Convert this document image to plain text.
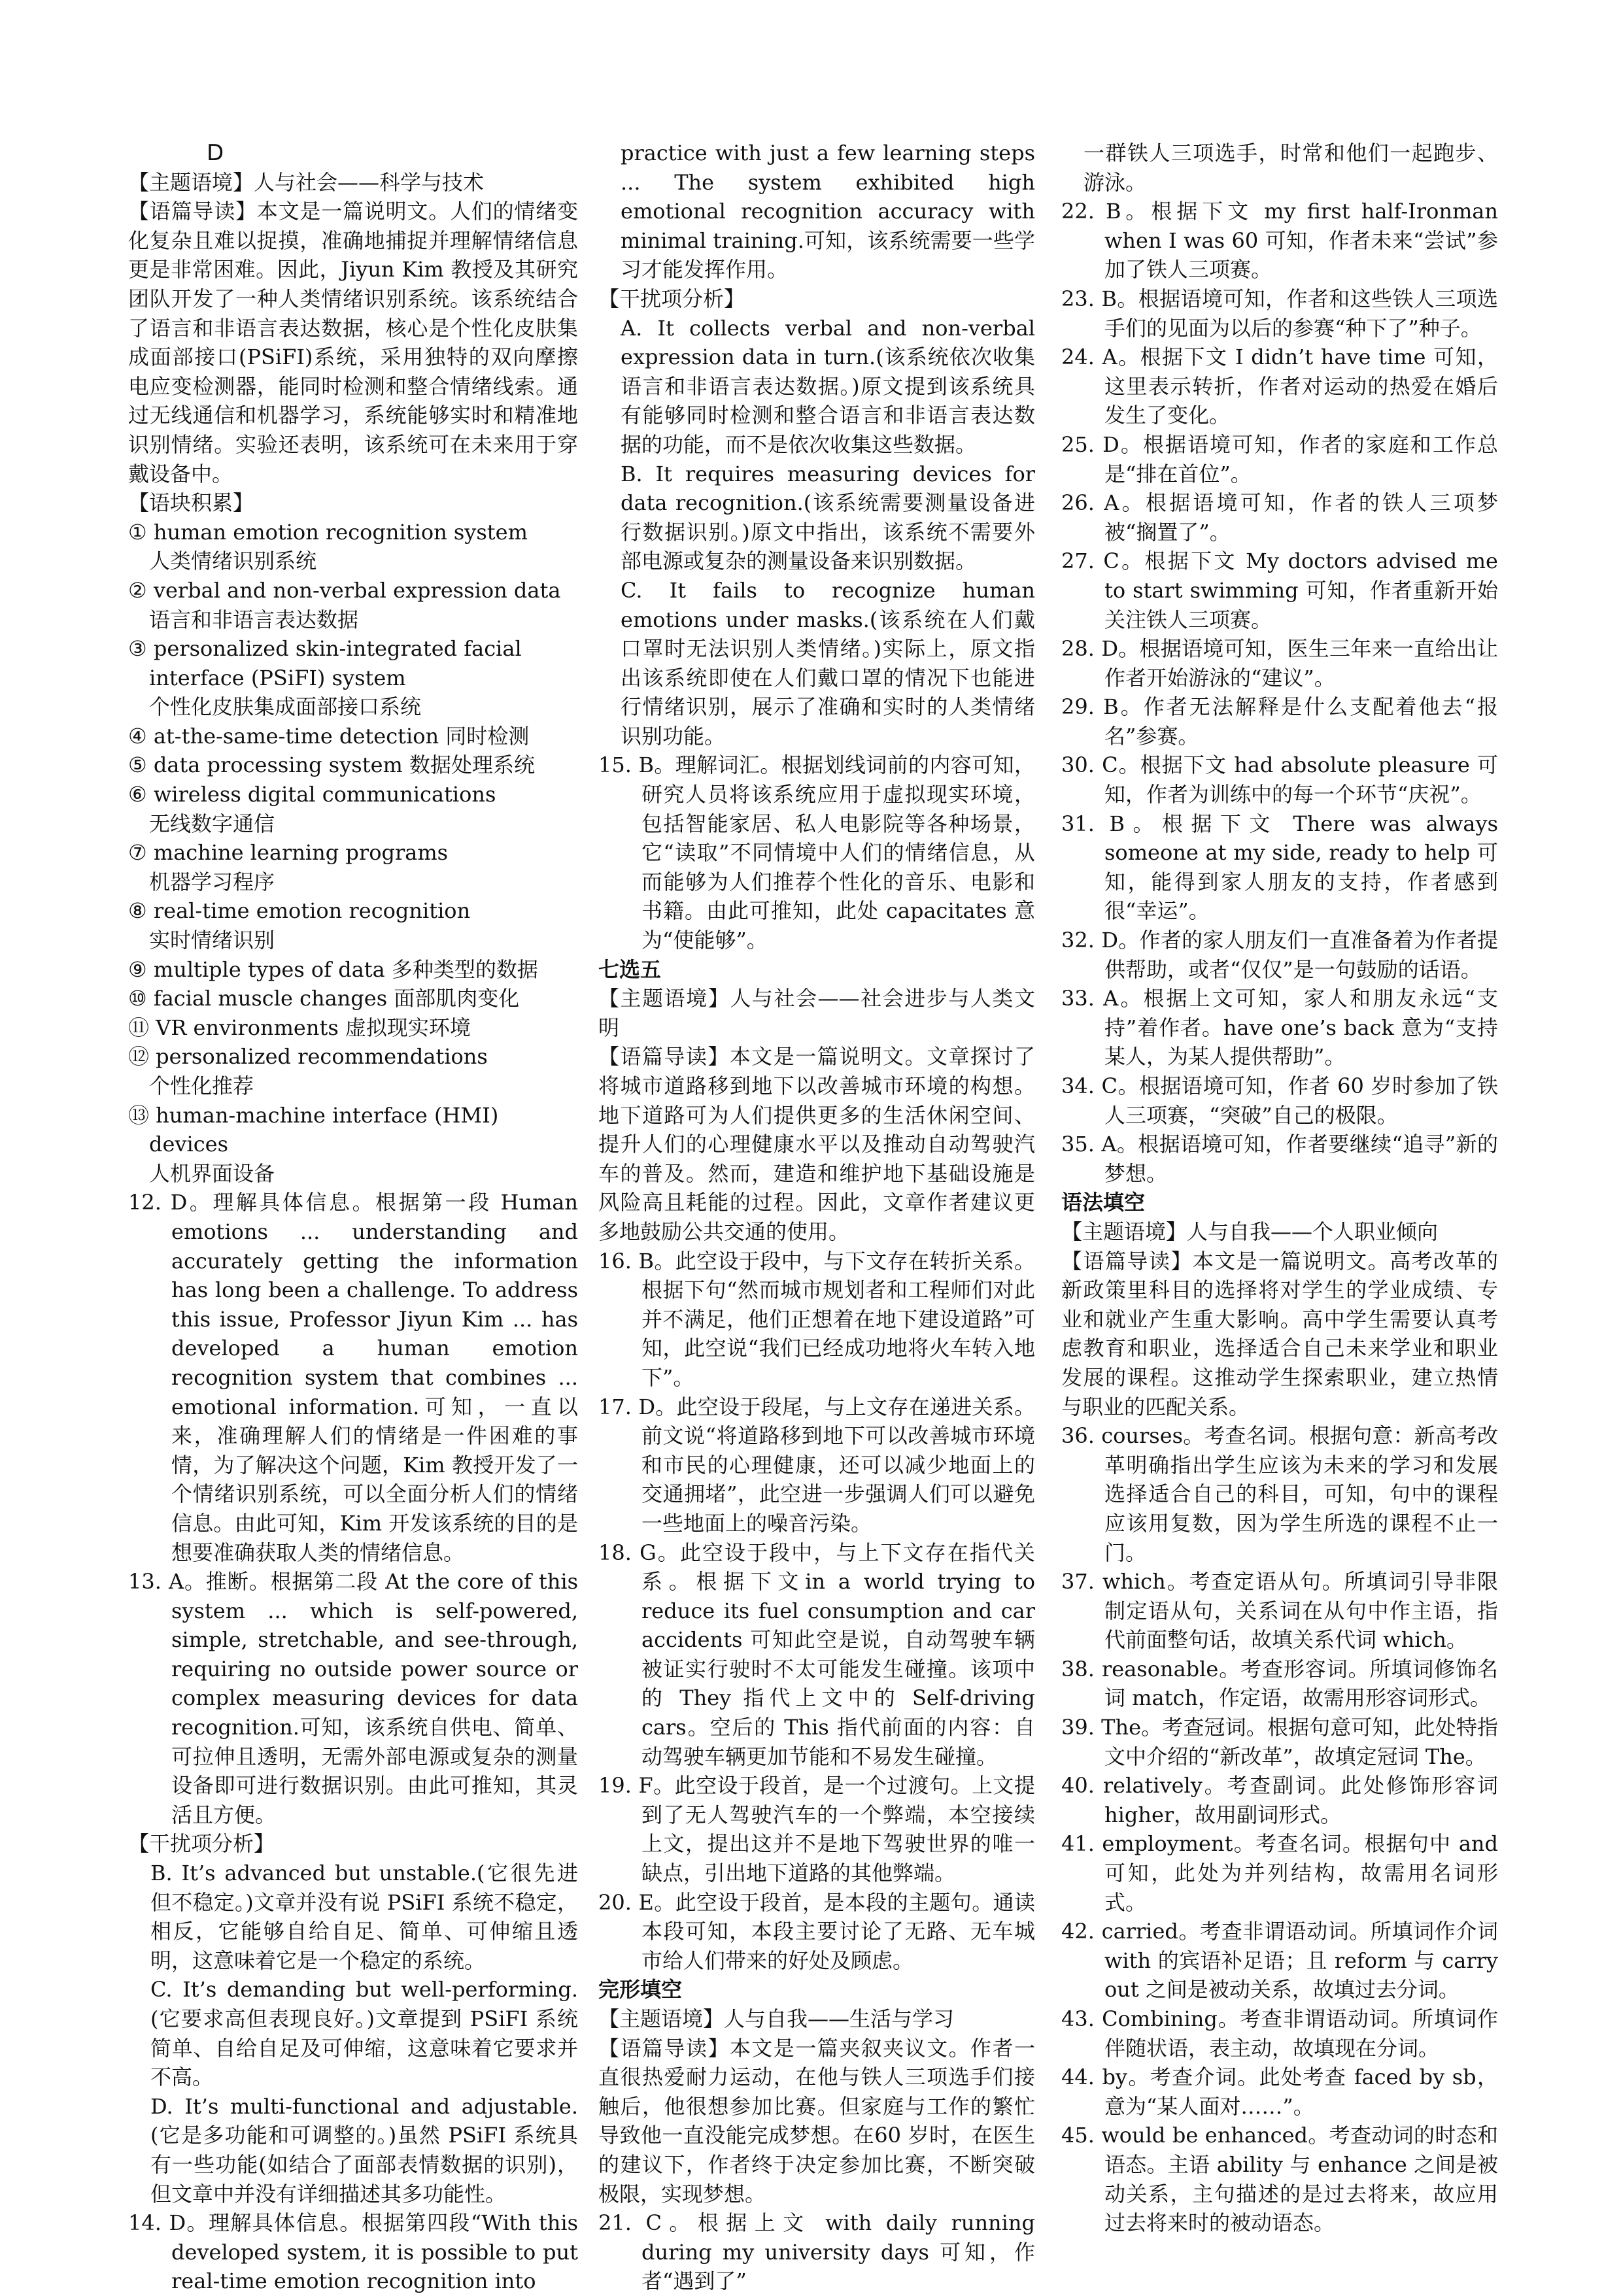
D
【主题语境】人与社会——科学与技术
【语篇导读】本文是一篇说明文。人们的情绪变化复杂且难以捉摸，准确地捕捉并理解情绪信息更是非常困难。因此，Jiyun Kim 教授及其研究团队开发了一种人类情绪识别系统。该系统结合了语言和非语言表达数据，核心是个性化皮肤集成面部接口(PSiFI)系统，采用独特的双向摩擦电应变检测器，能同时检测和整合情绪线索。通过无线通信和机器学习，系统能够实时和精准地识别情绪。实验还表明，该系统可在未来用于穿戴设备中。
【语块积累】
① human emotion recognition system
人类情绪识别系统
② verbal and non-verbal expression data
语言和非语言表达数据
③ personalized skin-integrated facial interface (PSiFI) system
个性化皮肤集成面部接口系统
④ at-the-same-time detection 同时检测
⑤ data processing system 数据处理系统
⑥ wireless digital communications
无线数字通信
⑦ machine learning programs
机器学习程序
⑧ real-time emotion recognition
实时情绪识别
⑨ multiple types of data 多种类型的数据
⑩ facial muscle changes 面部肌肉变化
⑪ VR environments 虚拟现实环境
⑫ personalized recommendations
个性化推荐
⑬ human-machine interface (HMI) devices
人机界面设备
12. D。理解具体信息。根据第一段 Human emotions ... understanding and accurately getting the information has long been a challenge. To address this issue, Professor Jiyun Kim ... has developed a human emotion recognition system that combines ... emotional information.可知，一直以来，准确理解人们的情绪是一件困难的事情，为了解决这个问题，Kim 教授开发了一个情绪识别系统，可以全面分析人们的情绪信息。由此可知，Kim 开发该系统的目的是想要准确获取人类的情绪信息。
13. A。推断。根据第二段 At the core of this system ... which is self-powered, simple, stretchable, and see-through, requiring no outside power source or complex measuring devices for data recognition.可知，该系统自供电、简单、可拉伸且透明，无需外部电源或复杂的测量设备即可进行数据识别。由此可推知，其灵活且方便。
【干扰项分析】
B. It’s advanced but unstable.(它很先进但不稳定。)文章并没有说 PSiFI 系统不稳定，相反，它能够自给自足、简单、可伸缩且透明，这意味着它是一个稳定的系统。
C. It’s demanding but well-performing.(它要求高但表现良好。)文章提到 PSiFI 系统简单、自给自足及可伸缩，这意味着它要求并不高。
D. It’s multi-functional and adjustable.(它是多功能和可调整的。)虽然 PSiFI 系统具有一些功能(如结合了面部表情数据的识别)，但文章中并没有详细描述其多功能性。
14. D。理解具体信息。根据第四段“With this developed system, it is possible to put real-time emotion recognition into
practice with just a few learning steps ... The system exhibited high emotional recognition accuracy with minimal training.可知，该系统需要一些学习才能发挥作用。
【干扰项分析】
A. It collects verbal and non-verbal expression data in turn.(该系统依次收集语言和非语言表达数据。)原文提到该系统具有能够同时检测和整合语言和非语言表达数据的功能，而不是依次收集这些数据。
B. It requires measuring devices for data recognition.(该系统需要测量设备进行数据识别。)原文中指出，该系统不需要外部电源或复杂的测量设备来识别数据。
C. It fails to recognize human emotions under masks.(该系统在人们戴口罩时无法识别人类情绪。)实际上，原文指出该系统即使在人们戴口罩的情况下也能进行情绪识别，展示了准确和实时的人类情绪识别功能。
15. B。理解词汇。根据划线词前的内容可知，研究人员将该系统应用于虚拟现实环境，包括智能家居、私人电影院等各种场景，它“读取”不同情境中人们的情绪信息，从而能够为人们推荐个性化的音乐、电影和书籍。由此可推知，此处 capacitates 意为“使能够”。
七选五
【主题语境】人与社会——社会进步与人类文明
【语篇导读】本文是一篇说明文。文章探讨了将城市道路移到地下以改善城市环境的构想。地下道路可为人们提供更多的生活休闲空间、提升人们的心理健康水平以及推动自动驾驶汽车的普及。然而，建造和维护地下基础设施是风险高且耗能的过程。因此，文章作者建议更多地鼓励公共交通的使用。
16. B。此空设于段中，与下文存在转折关系。根据下句“然而城市规划者和工程师们对此并不满足，他们正想着在地下建设道路”可知，此空说“我们已经成功地将火车转入地下”。
17. D。此空设于段尾，与上文存在递进关系。前文说“将道路移到地下可以改善城市环境和市民的心理健康，还可以减少地面上的交通拥堵”，此空进一步强调人们可以避免一些地面上的噪音污染。
18. G。此空设于段中，与上下文存在指代关系。根据下文in a world trying to reduce its fuel consumption and car accidents 可知此空是说，自动驾驶车辆被证实行驶时不太可能发生碰撞。该项中的 They 指代上文中的 Self-driving cars。空后的 This 指代前面的内容：自动驾驶车辆更加节能和不易发生碰撞。
19. F。此空设于段首，是一个过渡句。上文提到了无人驾驶汽车的一个弊端，本空接续上文，提出这并不是地下驾驶世界的唯一缺点，引出地下道路的其他弊端。
20. E。此空设于段首，是本段的主题句。通读本段可知，本段主要讨论了无路、无车城市给人们带来的好处及顾虑。
完形填空
【主题语境】人与自我——生活与学习
【语篇导读】本文是一篇夹叙夹议文。作者一直很热爱耐力运动，在他与铁人三项选手们接触后，他很想参加比赛。但家庭与工作的繁忙导致他一直没能完成梦想。在60 岁时，在医生的建议下，作者终于决定参加比赛，不断突破极限，实现梦想。
21. C。根据上文 with daily running during my university days 可知，作者“遇到了”
一群铁人三项选手，时常和他们一起跑步、游泳。
22. B。根据下文 my first half-Ironman when I was 60 可知，作者未来“尝试”参加了铁人三项赛。
23. B。根据语境可知，作者和这些铁人三项选手们的见面为以后的参赛“种下了”种子。
24. A。根据下文 I didn’t have time 可知，这里表示转折，作者对运动的热爱在婚后发生了变化。
25. D。根据语境可知，作者的家庭和工作总是“排在首位”。
26. A。根据语境可知，作者的铁人三项梦被“搁置了”。
27. C。根据下文 My doctors advised me to start swimming 可知，作者重新开始关注铁人三项赛。
28. D。根据语境可知，医生三年来一直给出让作者开始游泳的“建议”。
29. B。作者无法解释是什么支配着他去“报名”参赛。
30. C。根据下文 had absolute pleasure 可知，作者为训练中的每一个环节“庆祝”。
31. B。根据下文 There was always someone at my side, ready to help 可知，能得到家人朋友的支持，作者感到很“幸运”。
32. D。作者的家人朋友们一直准备着为作者提供帮助，或者“仅仅”是一句鼓励的话语。
33. A。根据上文可知，家人和朋友永远“支持”着作者。have one’s back 意为“支持某人，为某人提供帮助”。
34. C。根据语境可知，作者 60 岁时参加了铁人三项赛，“突破”自己的极限。
35. A。根据语境可知，作者要继续“追寻”新的梦想。
语法填空
【主题语境】人与自我——个人职业倾向
【语篇导读】本文是一篇说明文。高考改革的新政策里科目的选择将对学生的学业成绩、专业和就业产生重大影响。高中学生需要认真考虑教育和职业，选择适合自己未来学业和职业发展的课程。这推动学生探索职业，建立热情与职业的匹配关系。
36. courses。考查名词。根据句意：新高考改革明确指出学生应该为未来的学习和发展选择适合自己的科目，可知，句中的课程应该用复数，因为学生所选的课程不止一门。
37. which。考查定语从句。所填词引导非限制定语从句，关系词在从句中作主语，指代前面整句话，故填关系代词 which。
38. reasonable。考查形容词。所填词修饰名词 match，作定语，故需用形容词形式。
39. The。考查冠词。根据句意可知，此处特指文中介绍的“新改革”，故填定冠词 The。
40. relatively。考查副词。此处修饰形容词 higher，故用副词形式。
41. employment。考查名词。根据句中 and 可知，此处为并列结构，故需用名词形式。
42. carried。考查非谓语动词。所填词作介词 with 的宾语补足语；且 reform 与 carry out 之间是被动关系，故填过去分词。
43. Combining。考查非谓语动词。所填词作伴随状语，表主动，故填现在分词。
44. by。考查介词。此处考查 faced by sb，意为“某人面对……”。
45. would be enhanced。考查动词的时态和语态。主语 ability 与 enhance 之间是被动关系，主句描述的是过去将来，故应用过去将来时的被动语态。
